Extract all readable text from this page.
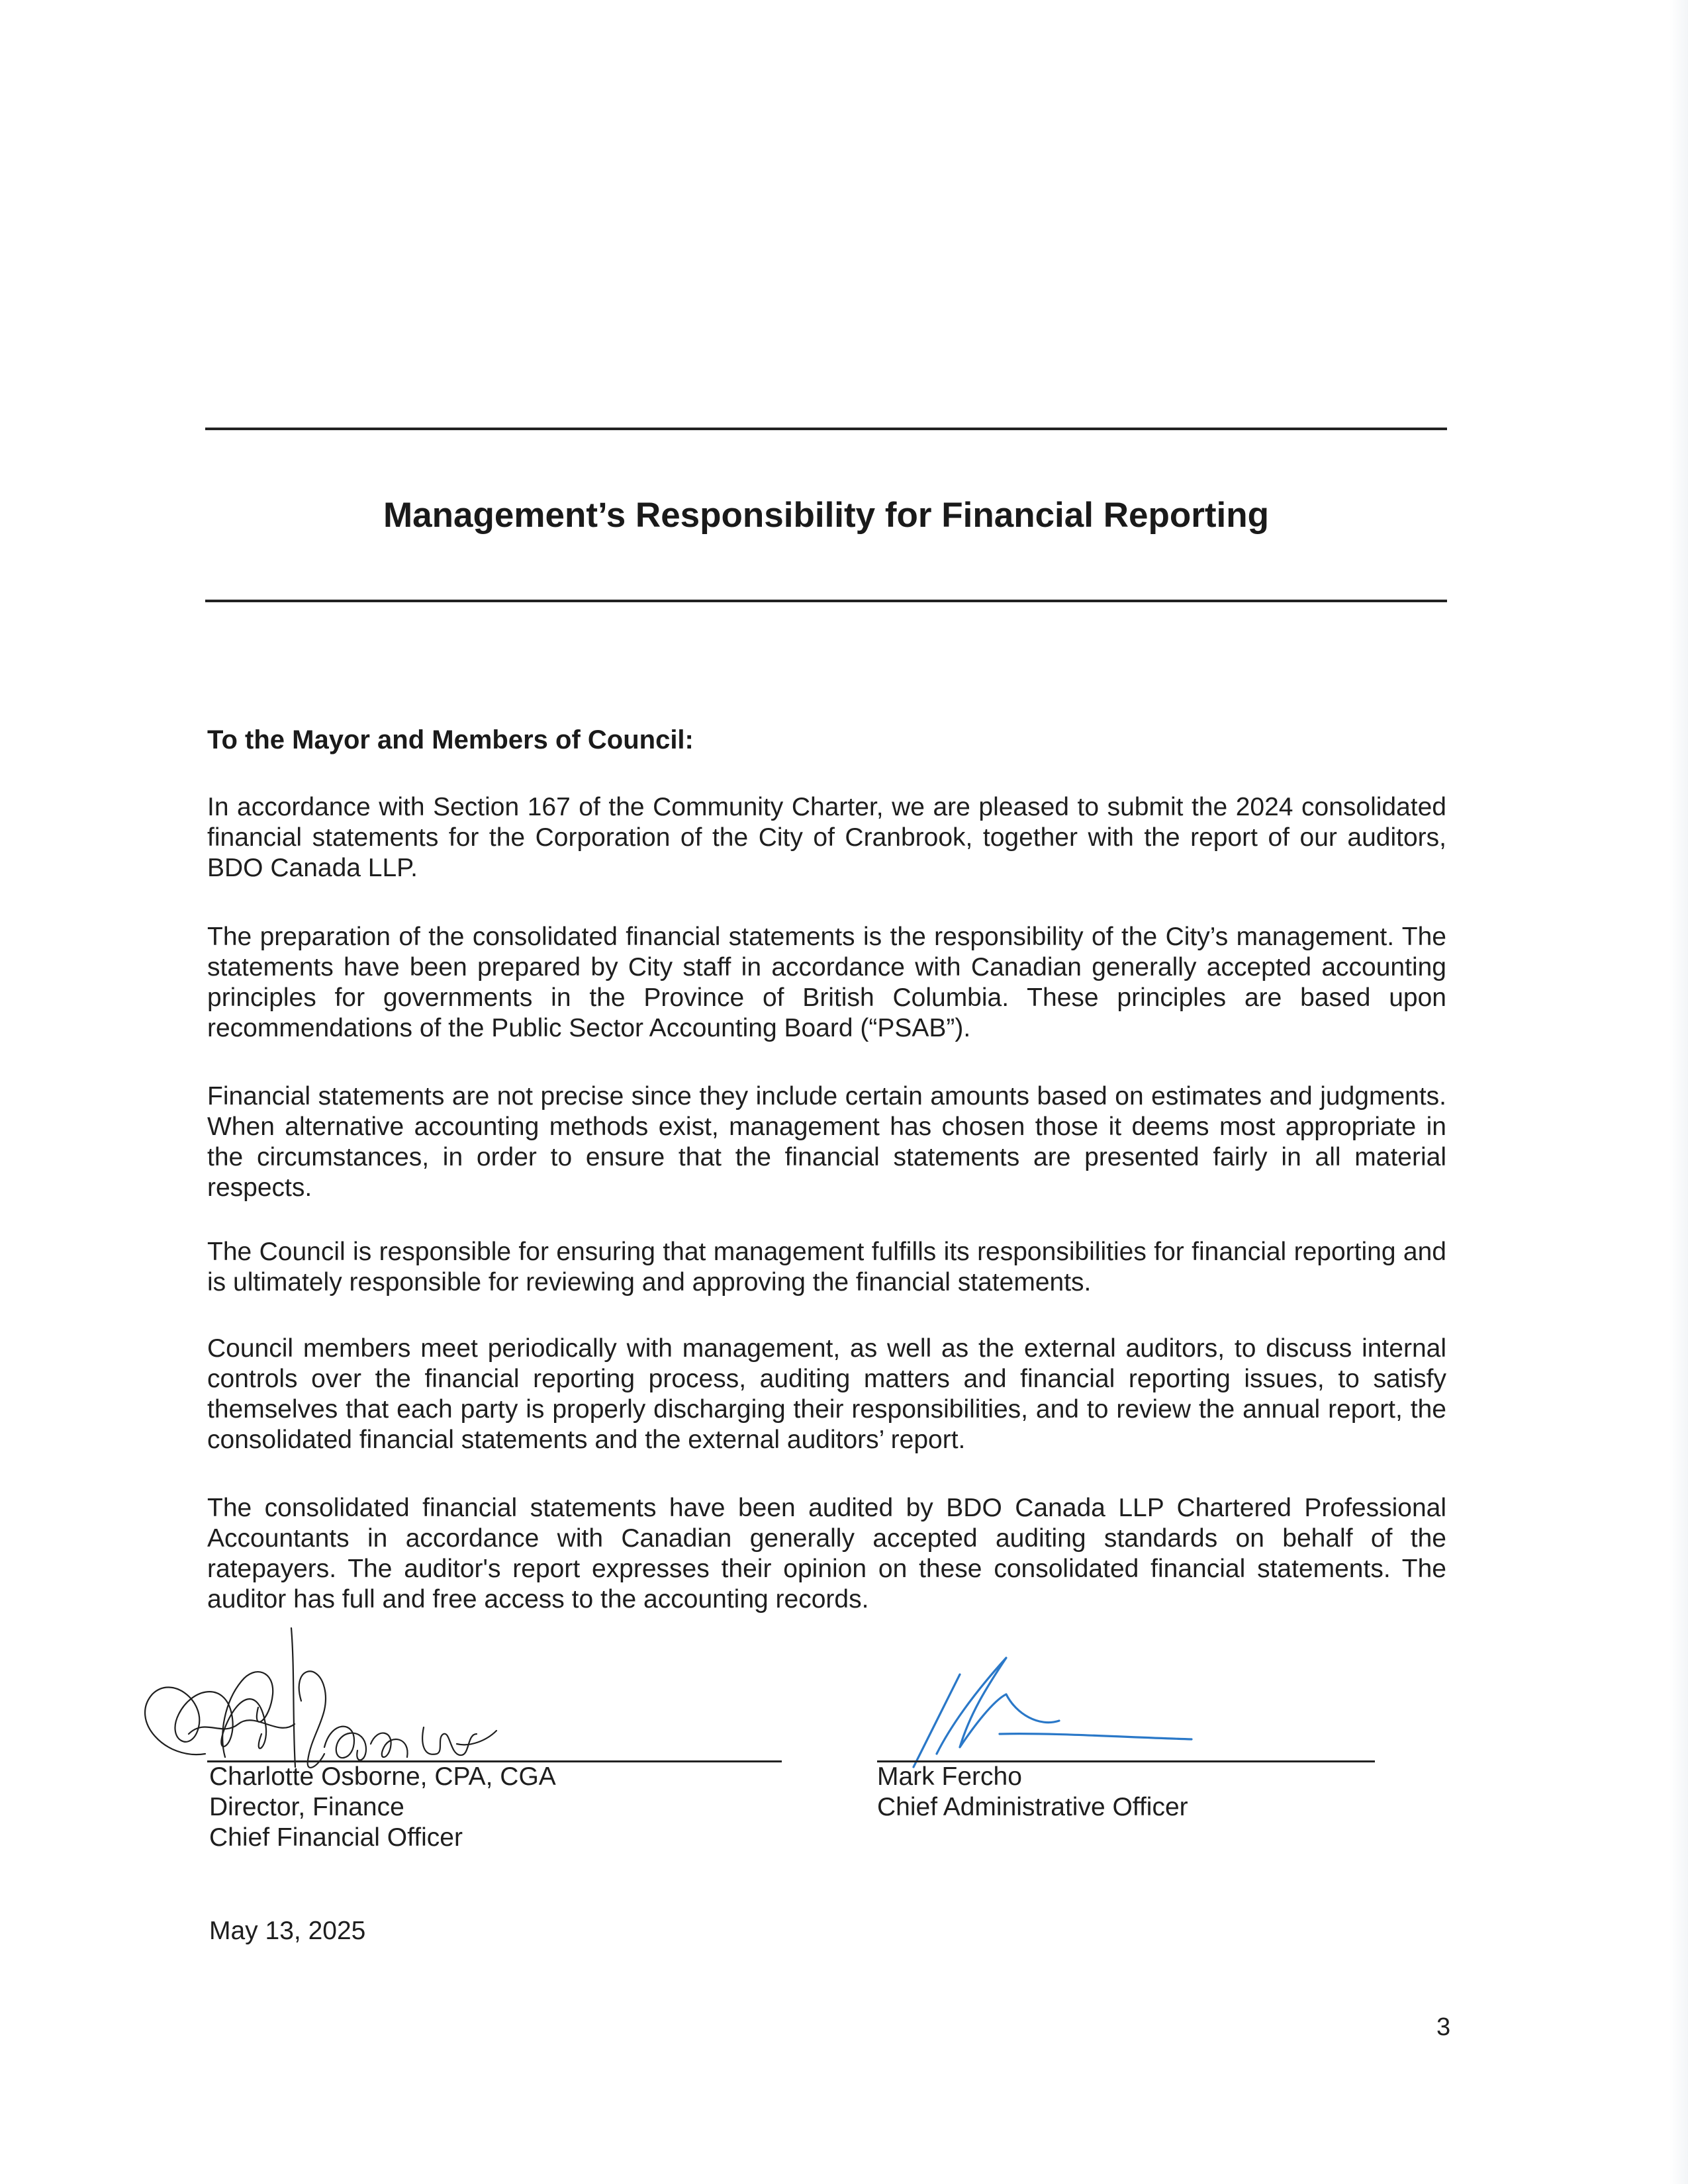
Management’s Responsibility for Financial Reporting
To the Mayor and Members of Council:
In accordance with Section 167 of the Community Charter, we are pleased to submit the 2024 consolidated financial statements for the Corporation of the City of Cranbrook, together with the report of our auditors, BDO Canada LLP.
The preparation of the consolidated financial statements is the responsibility of the City’s management. The statements have been prepared by City staff in accordance with Canadian generally accepted accounting principles for governments in the Province of British Columbia. These principles are based upon recommendations of the Public Sector Accounting Board (“PSAB”).
Financial statements are not precise since they include certain amounts based on estimates and judgments. When alternative accounting methods exist, management has chosen those it deems most appropriate in the circumstances, in order to ensure that the financial statements are presented fairly in all material respects.
The Council is responsible for ensuring that management fulfills its responsibilities for financial reporting and is ultimately responsible for reviewing and approving the financial statements.
Council members meet periodically with management, as well as the external auditors, to discuss internal controls over the financial reporting process, auditing matters and financial reporting issues, to satisfy themselves that each party is properly discharging their responsibilities, and to review the annual report, the consolidated financial statements and the external auditors’ report.
The consolidated financial statements have been audited by BDO Canada LLP Chartered Professional Accountants in accordance with Canadian generally accepted auditing standards on behalf of the ratepayers. The auditor's report expresses their opinion on these consolidated financial statements. The auditor has full and free access to the accounting records.
Charlotte Osborne, CPA, CGA
Director, Finance
Chief Financial Officer
Mark Fercho
Chief Administrative Officer
May 13, 2025
3
